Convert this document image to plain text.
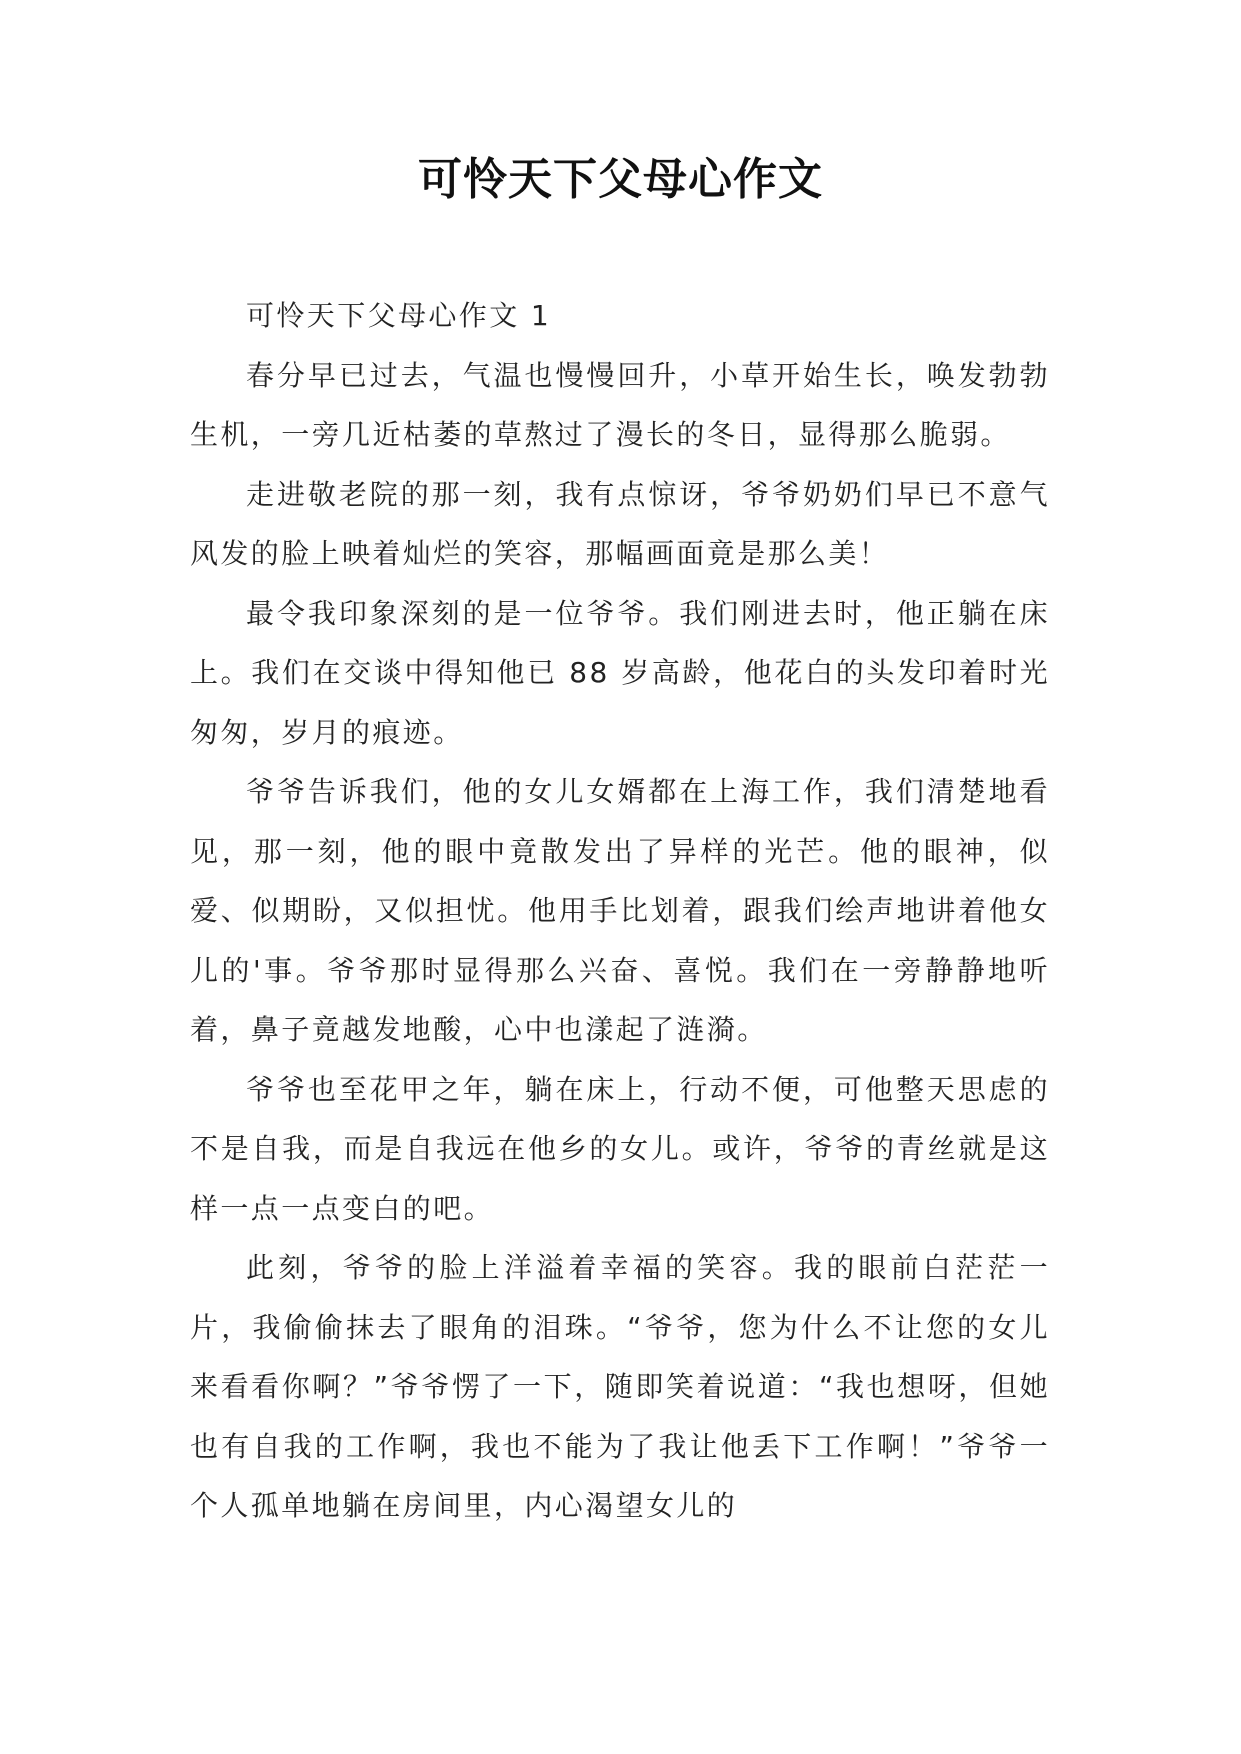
可怜天下父母心作文

可怜天下父母心作文 1

春分早已过去，气温也慢慢回升，小草开始生长，唤发勃勃生机，一旁几近枯萎的草熬过了漫长的冬日，显得那么脆弱。

走进敬老院的那一刻，我有点惊讶，爷爷奶奶们早已不意气风发的脸上映着灿烂的笑容，那幅画面竟是那么美！

最令我印象深刻的是一位爷爷。我们刚进去时，他正躺在床上。我们在交谈中得知他已 88 岁高龄，他花白的头发印着时光匆匆，岁月的痕迹。

爷爷告诉我们，他的女儿女婿都在上海工作，我们清楚地看见，那一刻，他的眼中竟散发出了异样的光芒。他的眼神，似爱、似期盼，又似担忧。他用手比划着，跟我们绘声地讲着他女儿的'事。爷爷那时显得那么兴奋、喜悦。我们在一旁静静地听着，鼻子竟越发地酸，心中也漾起了涟漪。

爷爷也至花甲之年，躺在床上，行动不便，可他整天思虑的不是自我，而是自我远在他乡的女儿。或许，爷爷的青丝就是这样一点一点变白的吧。

此刻，爷爷的脸上洋溢着幸福的笑容。我的眼前白茫茫一片，我偷偷抹去了眼角的泪珠。“爷爷，您为什么不让您的女儿来看看你啊？”爷爷愣了一下，随即笑着说道：“我也想呀，但她也有自我的工作啊，我也不能为了我让他丢下工作啊！”爷爷一个人孤单地躺在房间里，内心渴望女儿的
